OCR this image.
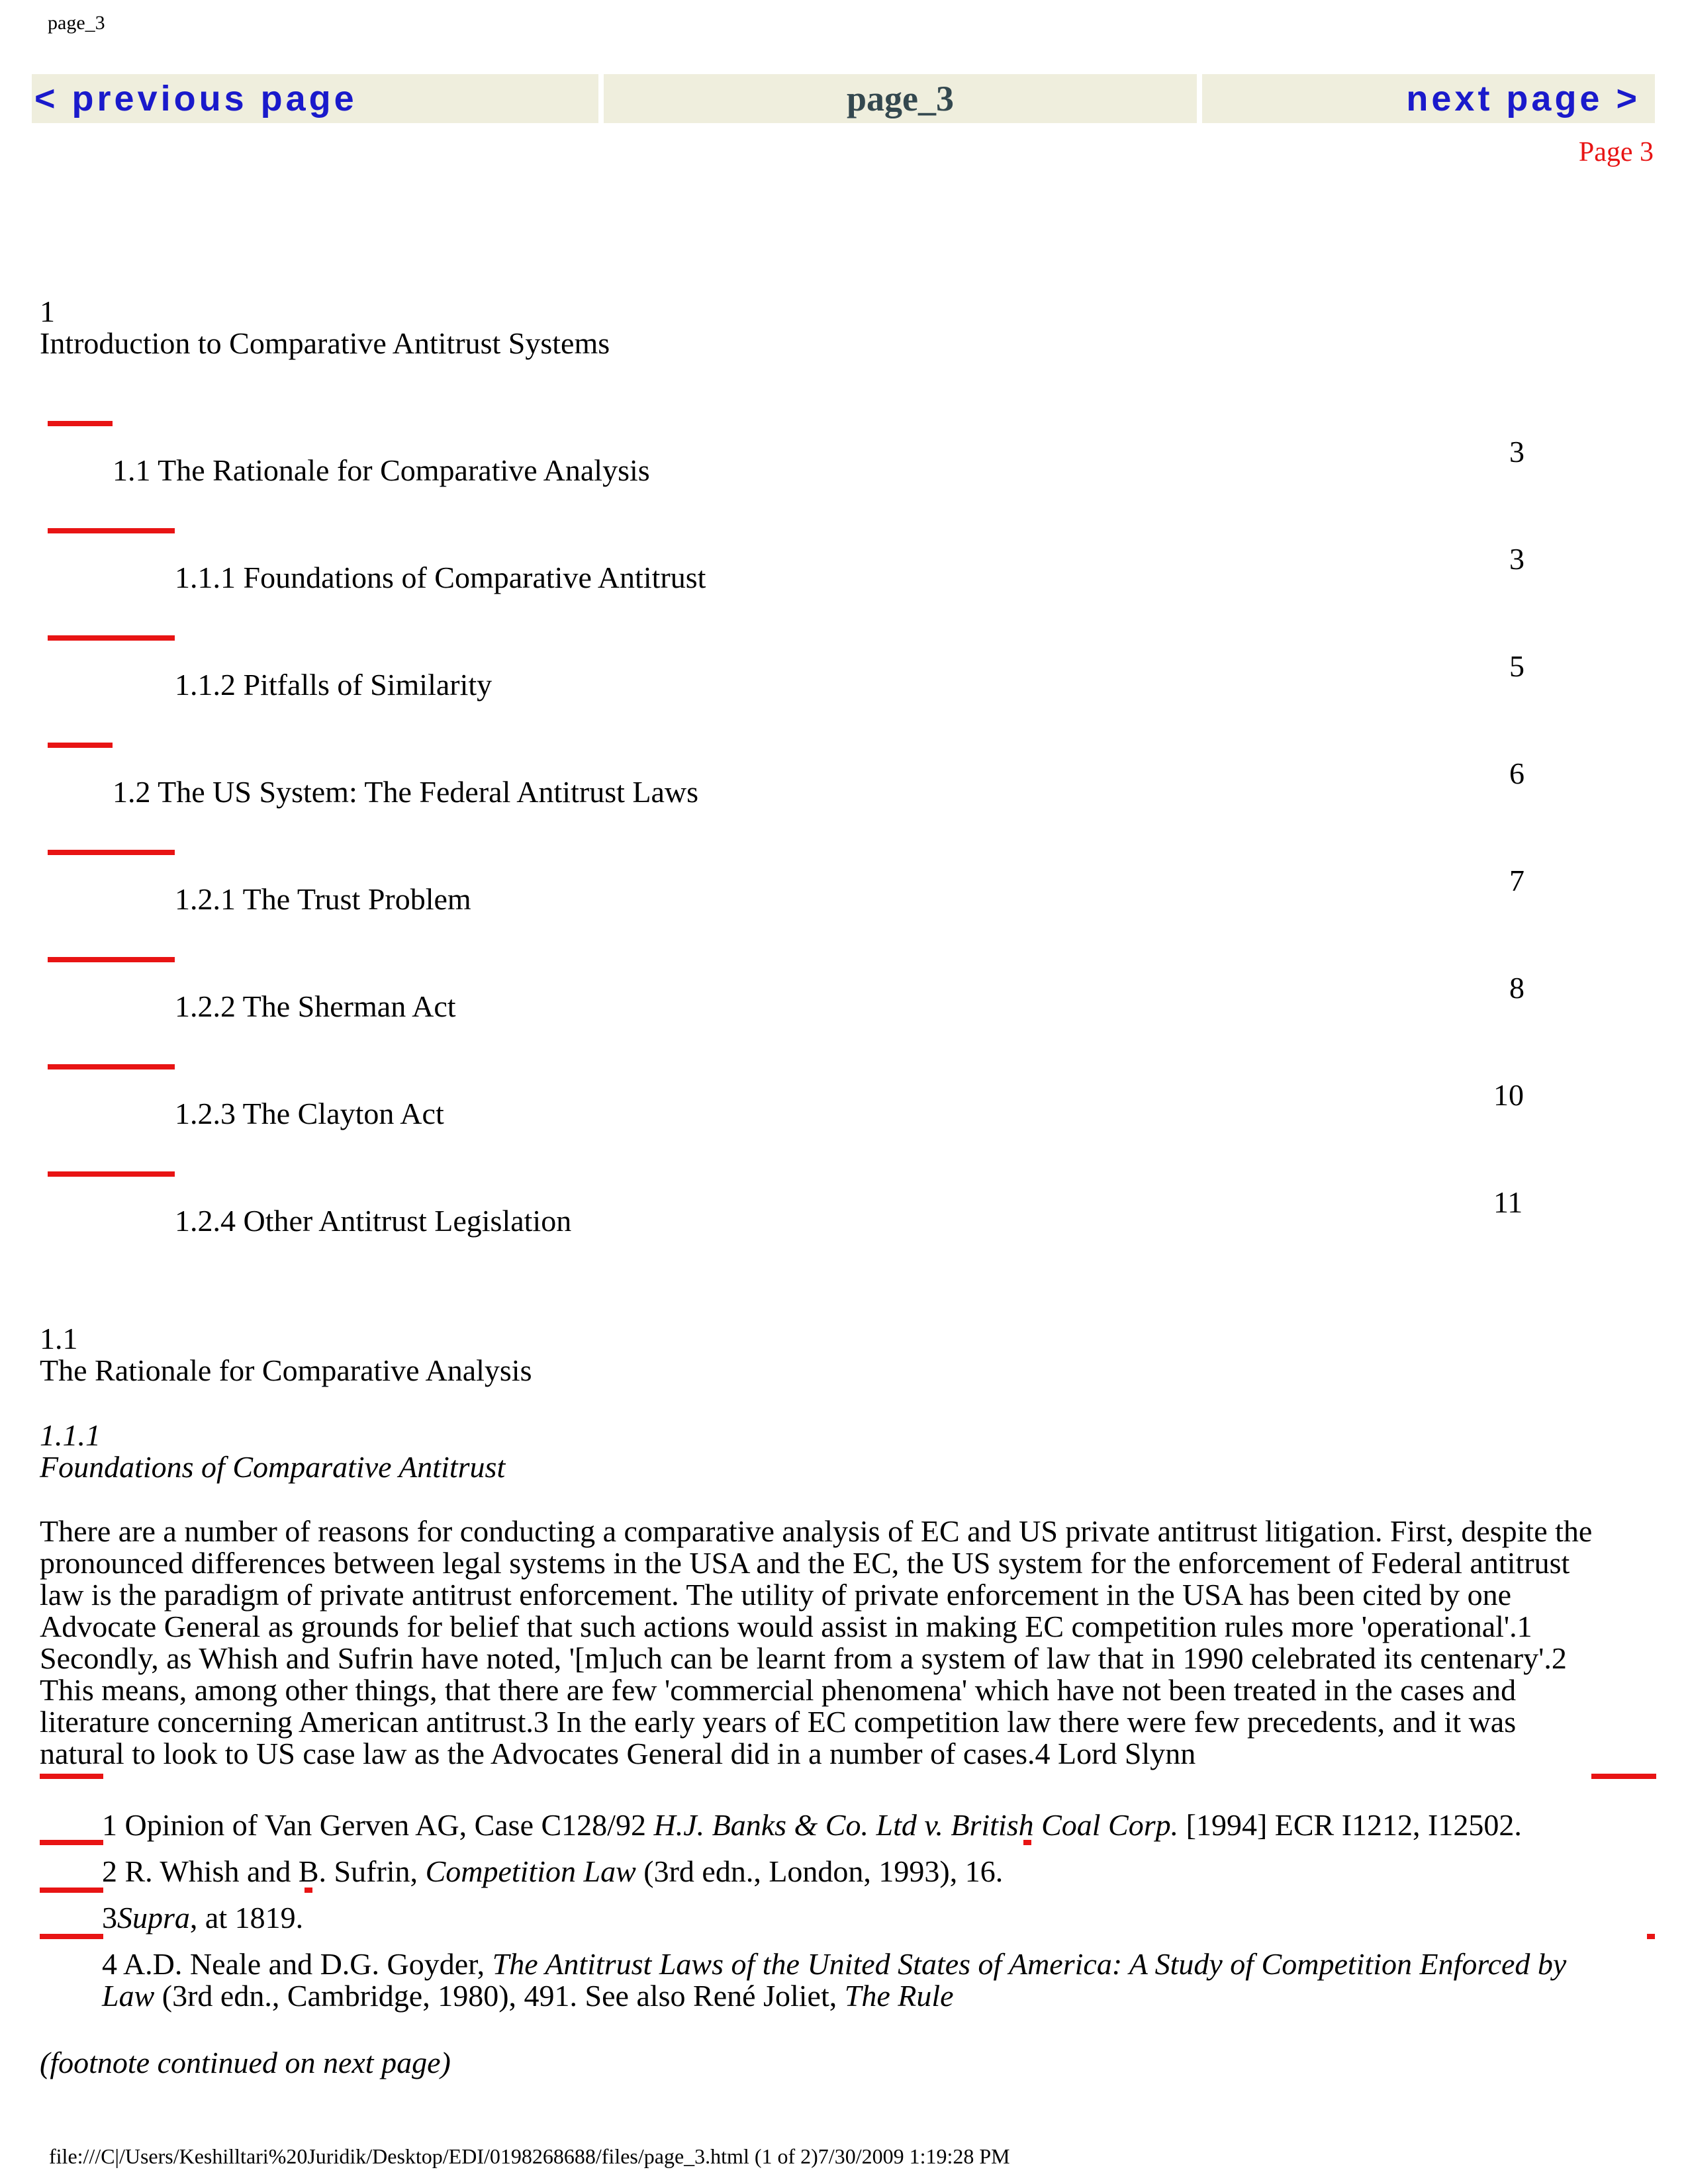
page_3
< previous page	page_3	next page >
Page 3
1
Introduction to Comparative Antitrust Systems
1.1 The Rationale for Comparative Analysis
3
1.1.1 Foundations of Comparative Antitrust
3
1.1.2 Pitfalls of Similarity
5
1.2 The US System: The Federal Antitrust Laws
6
1.2.1 The Trust Problem
7
1.2.2 The Sherman Act
8
1.2.3 The Clayton Act
10
1.2.4 Other Antitrust Legislation
11
1.1
The Rationale for Comparative Analysis
1.1.1
Foundations of Comparative Antitrust
There are a number of reasons for conducting a comparative analysis of EC and US private antitrust litigation. First, despite the
pronounced differences between legal systems in the USA and the EC, the US system for the enforcement of Federal antitrust
law is the paradigm of private antitrust enforcement. The utility of private enforcement in the USA has been cited by one
Advocate General as grounds for belief that such actions would assist in making EC competition rules more 'operational'.1
Secondly, as Whish and Sufrin have noted, '[m]uch can be learnt from a system of law that in 1990 celebrated its centenary'.2
This means, among other things, that there are few 'commercial phenomena' which have not been treated in the cases and
literature concerning American antitrust.3 In the early years of EC competition law there were few precedents, and it was
natural to look to US case law as the Advocates General did in a number of cases.4 Lord Slynn
1 Opinion of Van Gerven AG, Case C128/92 H.J. Banks & Co. Ltd v. British Coal Corp. [1994] ECR I1212, I12502.
2 R. Whish and B. Sufrin, Competition Law (3rd edn., London, 1993), 16.
3Supra, at 1819.
4 A.D. Neale and D.G. Goyder, The Antitrust Laws of the United States of America: A Study of Competition Enforced by
Law (3rd edn., Cambridge, 1980), 491. See also René Joliet, The Rule
(footnote continued on next page)
file:///C|/Users/Keshilltari%20Juridik/Desktop/EDI/0198268688/files/page_3.html (1 of 2)7/30/2009 1:19:28 PM
